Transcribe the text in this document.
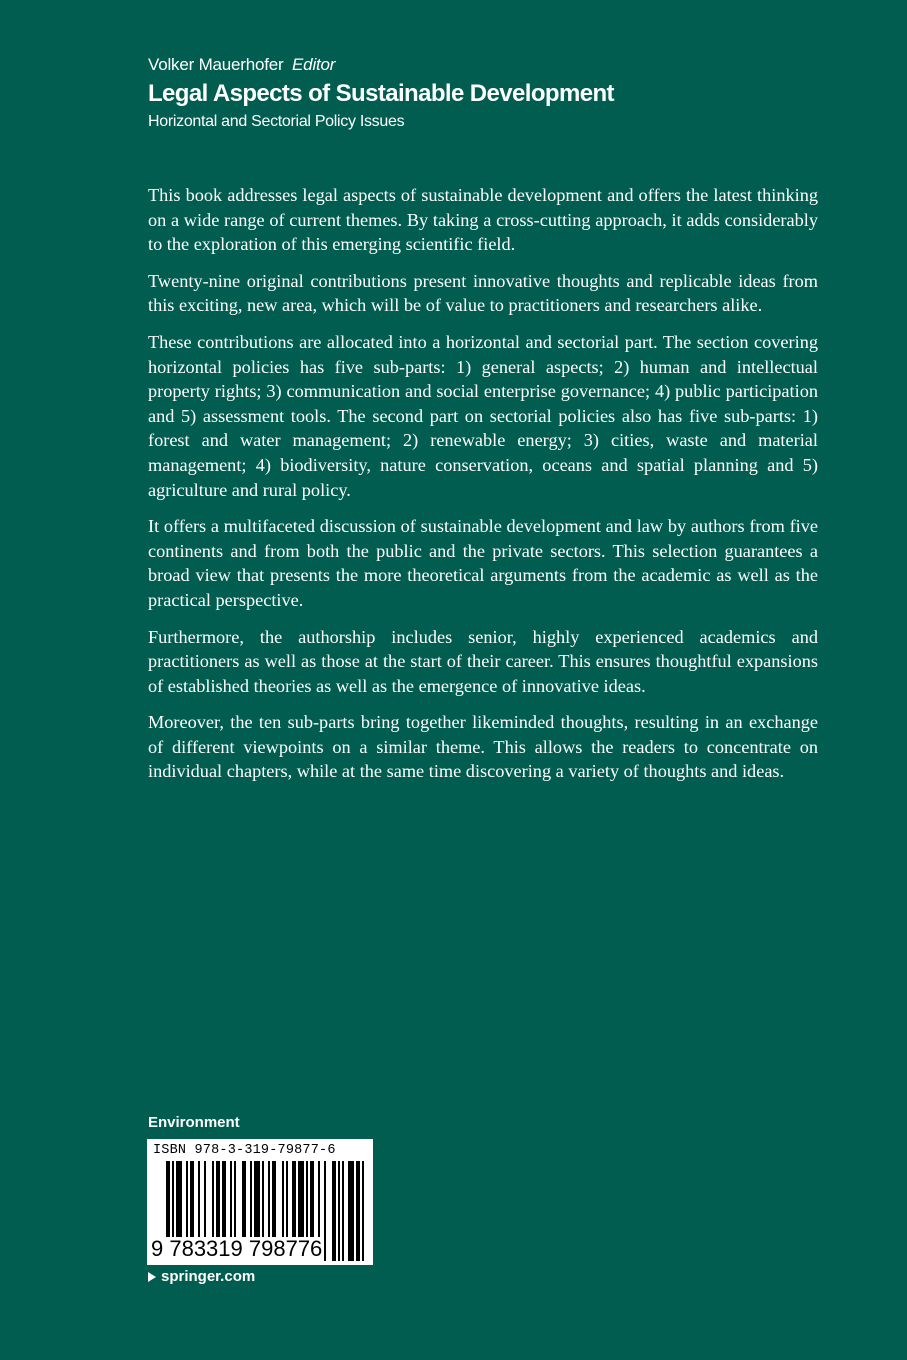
Volker Mauerhofer Editor
Legal Aspects of Sustainable Development
Horizontal and Sectorial Policy Issues

This book addresses legal aspects of sustainable development and offers the latest thinking on a wide range of current themes. By taking a cross-cutting approach, it adds considerably to the exploration of this emerging scientific field.

Twenty-nine original contributions present innovative thoughts and replicable ideas from this exciting, new area, which will be of value to practitioners and researchers alike.

These contributions are allocated into a horizontal and sectorial part. The section covering horizontal policies has five sub-parts: 1) general aspects; 2) human and intellectual property rights; 3) communication and social enterprise governance; 4) public participation and 5) assessment tools. The second part on sectorial policies also has five sub-parts: 1) forest and water management; 2) renewable energy; 3) cities, waste and material management; 4) biodiversity, nature conservation, oceans and spatial planning and 5) agriculture and rural policy.

It offers a multifaceted discussion of sustainable development and law by authors from five continents and from both the public and the private sectors. This selection guarantees a broad view that presents the more theoretical arguments from the academic as well as the practical perspective.

Furthermore, the authorship includes senior, highly experienced academics and practitioners as well as those at the start of their career. This ensures thoughtful expansions of established theories as well as the emergence of innovative ideas.

Moreover, the ten sub-parts bring together likeminded thoughts, resulting in an exchange of different viewpoints on a similar theme. This allows the readers to concentrate on individual chapters, while at the same time discovering a variety of thoughts and ideas.

Environment
ISBN 978-3-319-79877-6
9 783319 798776
springer.com
